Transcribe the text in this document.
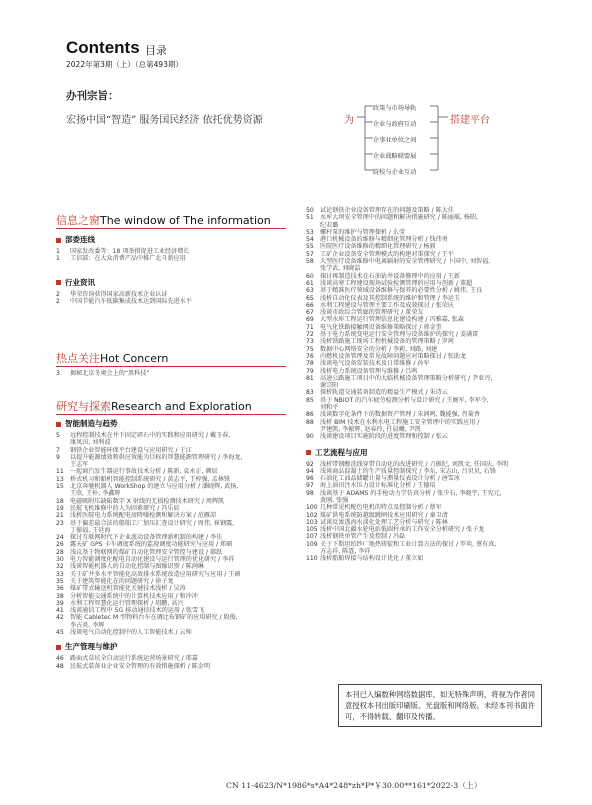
Contents 目录
2022年第3期（上）（总第493期）
办刊宗旨：
宏扬中国“智造” 服务国民经济 依托优势资源	为
政策与市场导轨
企业与政府互动
企事业单位之间
企业战略联盟展
院校与企业互动
搭建平台
信息之窗The window of The information
部委连线
1 国家发改委等：18 项举措促进工业经济增长
1 工信部：在大众消费产品中推广北斗新应用
行业资讯
2 华荣咨询获得国家高新技术企业认证
2 中国节能汽车低碳集成技术达到国际先进水平
热点关注Hot Concern
3 揭秘北京冬奥会上的“黑科技”
研究与探索Research and Exploration
智能制造与趋势
5 远程控制技术在井下固定碎石中的实践和应用研究 / 戴玉春,
康凤田, 刘利波
7 钢铁企业智能环保平台建设与应用研究 / 于江
9 以提升能源绩效和供应效能为目标的智慧能源管理研究 / 李海龙,
王志军
11 一起商汽发生器运行事故技术分析 / 陈新, 袁永正, 颜辰
13 桥式机习和船机智能控制系统研究 / 黄志平, 王梓强, 孟林锋
15 北京奔驰机器人 WorkShop 的建立与应用分析 / 潘晓辉, 武扬,
王欣, 王朴, 李鑫辉
18 电磁吸附压缺陷数字 X 射线的无损检测技术研究 / 周辉凯
19 民航飞机维修中的人为因素研究 / 冯乐辰
21 浅析医院电力系统配电房降噪检测和解决方案 / 范雁凉
23 基于偏差最合法的船舶工厂加压汇查设计研究 / 周伟, 崔钢震,
丁振福, 王廷海
24 探讨互联网时代下企业流动设备管理新机制的构建 / 李佳
26 露天矿 GPS 卡车调度系统的监视调度功能研究与应用 / 郑硕
28 浅议基于物联网的煤矿自动化管理安全管控与建设 / 郝跃
30 电力智能调度化配电自动化建设与运行管理的优化研究 / 李祥
32 浅谈智能机器人的自动化控制与图像识别 / 陈润琳
33 关于矿井多水平智能化高效排水系统改造应用研究与应用 / 王硕
35 关于建筑智能化在的问题研究 / 徐子龙
36 煤矿带式输送机智能化关键技术浅析 / 吴涛
38 分析智能交通系统中的计算机技术应用 / 和冲冲
39 水利工程智慧化运行管理探析 / 胡鹏, 高兴
41 浅谈通信工程中 5G 移动通信技术的运用 / 张雪飞
42 智能 Cabletec M 型物料台车在调比布钢矿的应用研究 / 殷俊,
李占炎, 李辉
45 浅谈电气自动化控制中的人工智能技术 / 云帅
生产管理与维护
46 路面式草坑全自动运行系统运营场景研究 / 邢嘉
48 民航式装备业企业安全管理的有效措施探析 / 陈金明
50 试论钢铁企业设备管理存在的问题及策略 / 陈大佳
51 水库大坝安全管理中的问题和解决措施研究 / 陈丽瑶, 杨昭,
纪若璐
53 螺杆泵的维护与管理探析 / 么莹
54 港口机械设备的维修与精细化管理分析 / 钱伟勇
55 医院医疗设备维修的精细化管理研究 / 杨毅
57 工矿企业设备安全管理模式的构建对策探究 / 王平
58 大型医疗设备维修中电离辐射的安全管理研究 / 卜国中, 刘智福,
张学武, 刘晓喆
60 探讨再制造技术在石油钻井设备修理中的应用 / 王新
61 浅谈高寒工程建设现场试验检测管理的应用与创新 / 董超
63 基于精准医疗领域设备维修与保养的必要性分析 / 姚伟, 王良
65 浅析自动化仪表及其控制系统的维护和管理 / 李运玉
66 水利工程建设与管理主要工作及成效探讨 / 张荣庆
67 浅谈市政综合管廊的管理研究 / 董荣友
69 大型水库工程运行管理信息化建设构建 / 冯雅嘉, 张森
71 电气化铁路接触网设备维修策略探讨 / 郭金奎
72 基于电力系统变电运行安全管理与设备维护的探究 / 姜满雷
73 浅析铁路施工现场工程机械设备的管理策略 / 罗珂
75 数据中心网络安全的分析 / 李莉, 刘路, 刘建
76 内燃机设备管理及常见故障问题应对策略探讨 / 张助龙
78 浅谈电气设备安装技术及日常维修 / 孙军
79 浅析电力系统设备管理与维修 / 吕鸣
81 高速公路施工项目中的大临机械设备管理策略分析研究 / 尹亚丹,
谢宗阳
83 探析轨道交通装备制造的精益生产模式 / 朱诗云
85 基于 NBIOT 的汽车疲劳检测分析与设计研究 / 王婉军, 李军令,
刘和平
86 浅谈数字化条件下的数据资产管理 / 朱润鸣, 魏能强, 肖菊香
88 浅析 BIM 技术在水利水电工程施工安全管理中的实践应用 /
尹建凯, 李振辉, 赵春玲, 任晨曦, 尹凯
90 浅谈建设项目实施阶段的进度管理和控制 / 张云
工艺流程与应用
92 浅析带钢酸洗线穿带自动化的改进研究 / 刀振纪, 刘凯文, 任国庆, 李明
94 浅谈商品混凝土的生产质量控制探究 / 李东, 宋志山, 吕贝贝, 石锋
96 石油化工油品储罐计量与测量仪表设计分析 / 唐雪冰
97 海上油田注水压力设计标准化分析 / 王德培
98 浅谈基于 ADAMS 的手枪动力学仿真分析 / 张少石, 李晓宇, 王宪元,
黄刚, 张强
100 几种常见机配色电机的特点及控制分析 / 蔡军
102 煤矿供电系统防越级跳闸技术应用研究 / 秦卫清
103 试谈反渗透海水淡化处理工艺分析与研究 / 陈林
105 浅析中国北疆水轮电站低圆柱承的工作安全分析研究 / 张子龙
107 浅析钢铁单管产生及控制 / 冯磊
109 关于下斯坦纺纱厂地热铸锭和工业计算方法的探讨 / 罗奕, 蔡有真,
方志祥, 陈霆, 李祥
110 浅析船舶焊接与结构设计优化 / 董立如
本刊已入编数种网络数据库，如无特殊声明，将视为作者同意授权本刊出版印刷版、光盘版和网络版。未经本刊书面许可，不得转载、翻印及传播。
CN 11-4623/N*1986*s*A4*248*zh*P*￥30.00**161*2022-3（上）
